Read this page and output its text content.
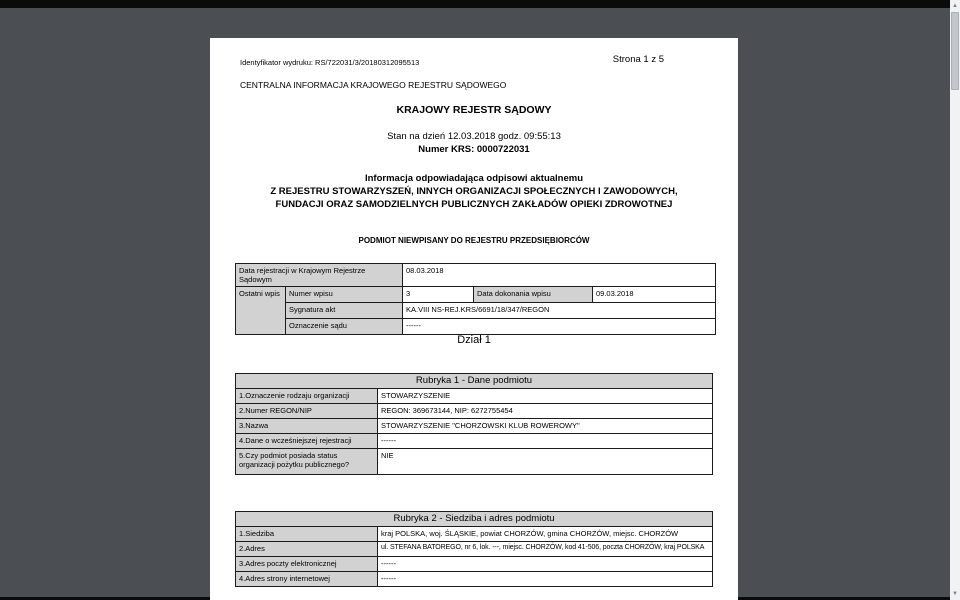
▲
▼
Identyfikator wydruku: RS/722031/3/20180312095513	Strona 1 z 5
CENTRALNA INFORMACJA KRAJOWEGO REJESTRU SĄDOWEGO
KRAJOWY REJESTR SĄDOWY
Stan na dzień 12.03.2018 godz. 09:55:13
Numer KRS: 0000722031
Informacja odpowiadająca odpisowi aktualnemu
Z REJESTRU STOWARZYSZEŃ, INNYCH ORGANIZACJI SPOŁECZNYCH I ZAWODOWYCH,
FUNDACJI ORAZ SAMODZIELNYCH PUBLICZNYCH ZAKŁADÓW OPIEKI ZDROWOTNEJ
PODMIOT NIEWPISANY DO REJESTRU PRZEDSIĘBIORCÓW
Data rejestracji w Krajowym Rejestrze Sądowym		08.03.2018		
Ostatni wpis	Numer wpisu	3	Data dokonania wpisu	09.03.2018
	Sygnatura akt	KA.VIII NS-REJ.KRS/6691/18/347/REGON		
	Oznaczenie sądu	------		
Dział 1
Rubryka 1 - Dane podmiotu	
1.Oznaczenie rodzaju organizacji	STOWARZYSZENIE
2.Numer REGON/NIP	REGON: 369673144, NIP: 6272755454
3.Nazwa	STOWARZYSZENIE "CHORZOWSKI KLUB ROWEROWY"
4.Dane o wcześniejszej rejestracji	------
5.Czy podmiot posiada status organizacji pożytku publicznego?	NIE
Rubryka 2 - Siedziba i adres podmiotu	
1.Siedziba	kraj POLSKA, woj. ŚLĄSKIE, powiat CHORZÓW, gmina CHORZÓW, miejsc. CHORZÓW
2.Adres	ul. STEFANA BATOREGO, nr 6, lok. ---, miejsc. CHORZÓW, kod 41-506, poczta CHORZÓW, kraj POLSKA
3.Adres poczty elektronicznej	------
4.Adres strony internetowej	------
